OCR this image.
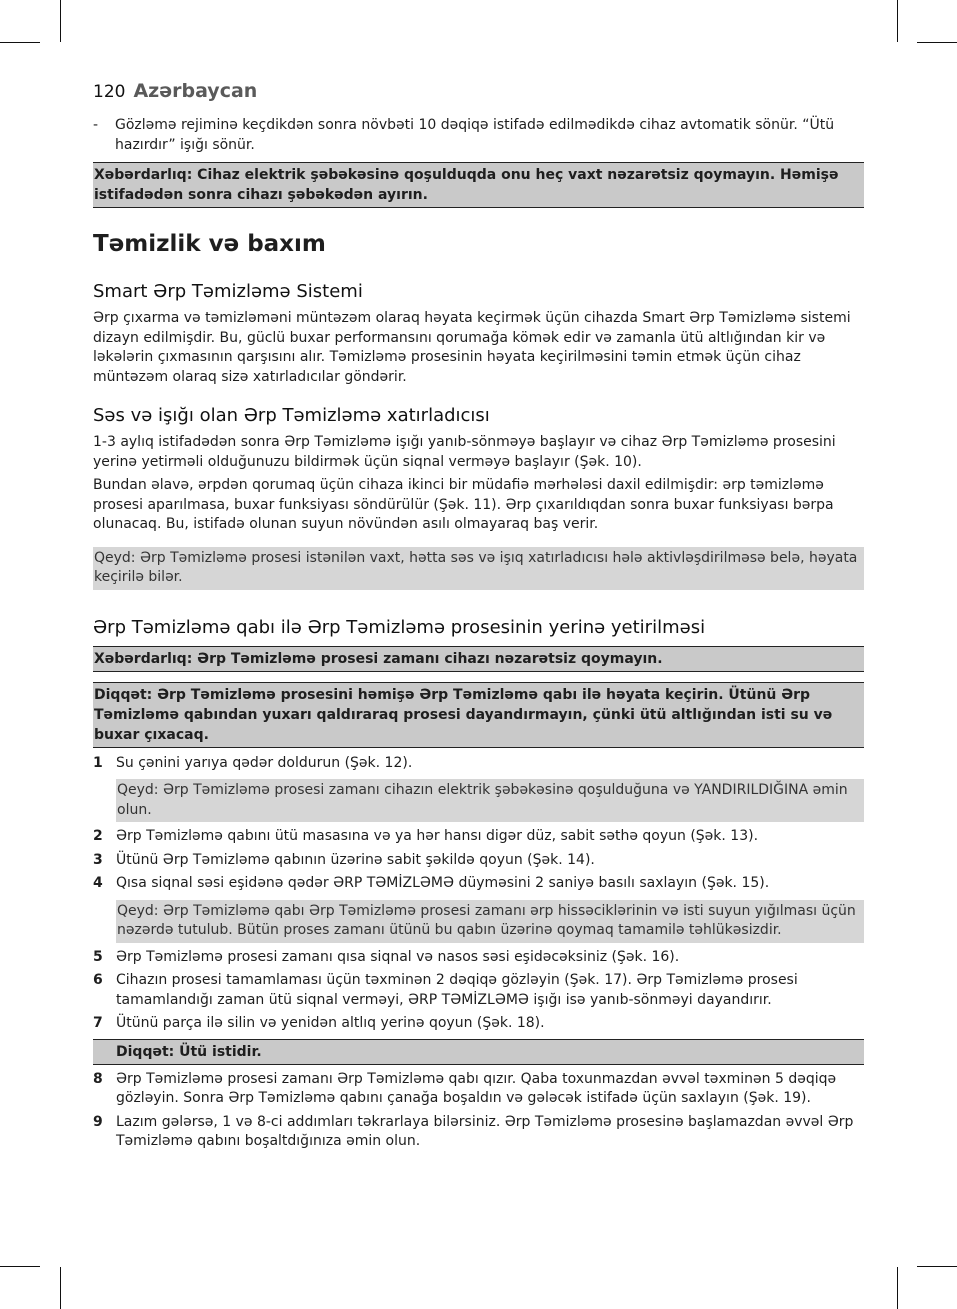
120 Azərbaycan
-	Gözləmə rejiminə keçdikdən sonra növbəti 10 dəqiqə istifadə edilmədikdə cihaz avtomatik sönür. “Ütü hazırdır” işığı sönür.
Xəbərdarlıq: Cihaz elektrik şəbəkəsinə qoşulduqda onu heç vaxt nəzarətsiz qoymayın. Həmişə istifadədən sonra cihazı şəbəkədən ayırın.
Təmizlik və baxım
Smart Ərp Təmizləmə Sistemi

Ərp çıxarma və təmizləməni müntəzəm olaraq həyata keçirmək üçün cihazda Smart Ərp Təmizləmə sistemi dizayn edilmişdir. Bu, güclü buxar performansını qorumağa kömək edir və zamanla ütü altlığından kir və ləkələrin çıxmasının qarşısını alır. Təmizləmə prosesinin həyata keçirilməsini təmin etmək üçün cihaz müntəzəm olaraq sizə xatırladıcılar göndərir.

Səs və işığı olan Ərp Təmizləmə xatırladıcısı

1-3 aylıq istifadədən sonra Ərp Təmizləmə işığı yanıb-sönməyə başlayır və cihaz Ərp Təmizləmə prosesini yerinə yetirməli olduğunuzu bildirmək üçün siqnal verməyə başlayır (Şək. 10).

Bundan əlavə, ərpdən qorumaq üçün cihaza ikinci bir müdafiə mərhələsi daxil edilmişdir: ərp təmizləmə prosesi aparılmasa, buxar funksiyası söndürülür (Şək. 11). Ərp çıxarıldıqdan sonra buxar funksiyası bərpa olunacaq. Bu, istifadə olunan suyun növündən asılı olmayaraq baş verir.

Qeyd: Ərp Təmizləmə prosesi istənilən vaxt, hətta səs və işıq xatırladıcısı hələ aktivləşdirilməsə belə, həyata keçirilə bilər.
Ərp Təmizləmə qabı ilə Ərp Təmizləmə prosesinin yerinə yetirilməsi
Xəbərdarlıq: Ərp Təmizləmə prosesi zamanı cihazı nəzarətsiz qoymayın.
Diqqət: Ərp Təmizləmə prosesini həmişə Ərp Təmizləmə qabı ilə həyata keçirin. Ütünü Ərp Təmizləmə qabından yuxarı qaldıraraq prosesi dayandırmayın, çünki ütü altlığından isti su və buxar çıxacaq.
1 Su çənini yarıya qədər doldurun (Şək. 12).
Qeyd: Ərp Təmizləmə prosesi zamanı cihazın elektrik şəbəkəsinə qoşulduğuna və YANDIRILDIĞINA əmin olun.
2 Ərp Təmizləmə qabını ütü masasına və ya hər hansı digər düz, sabit səthə qoyun (Şək. 13).
3 Ütünü Ərp Təmizləmə qabının üzərinə sabit şəkildə qoyun (Şək. 14).
4 Qısa siqnal səsi eşidənə qədər ƏRP TƏMİZLƏMƏ düyməsini 2 saniyə basılı saxlayın (Şək. 15).
Qeyd: Ərp Təmizləmə qabı Ərp Təmizləmə prosesi zamanı ərp hissəciklərinin və isti suyun yığılması üçün nəzərdə tutulub. Bütün proses zamanı ütünü bu qabın üzərinə qoymaq tamamilə təhlükəsizdir.
5 Ərp Təmizləmə prosesi zamanı qısa siqnal və nasos səsi eşidəcəksiniz (Şək. 16).
6 Cihazın prosesi tamamlaması üçün təxminən 2 dəqiqə gözləyin (Şək. 17). Ərp Təmizləmə prosesi tamamlandığı zaman ütü siqnal verməyi, ƏRP TƏMİZLƏMƏ işığı isə yanıb-sönməyi dayandırır.
7 Ütünü parça ilə silin və yenidən altlıq yerinə qoyun (Şək. 18).
Diqqət: Ütü istidir.
8 Ərp Təmizləmə prosesi zamanı Ərp Təmizləmə qabı qızır. Qaba toxunmazdan əvvəl təxminən 5 dəqiqə gözləyin. Sonra Ərp Təmizləmə qabını çanağa boşaldın və gələcək istifadə üçün saxlayın (Şək. 19).
9 Lazım gələrsə, 1 və 8-ci addımları təkrarlaya bilərsiniz. Ərp Təmizləmə prosesinə başlamazdan əvvəl Ərp Təmizləmə qabını boşaltdığınıza əmin olun.
